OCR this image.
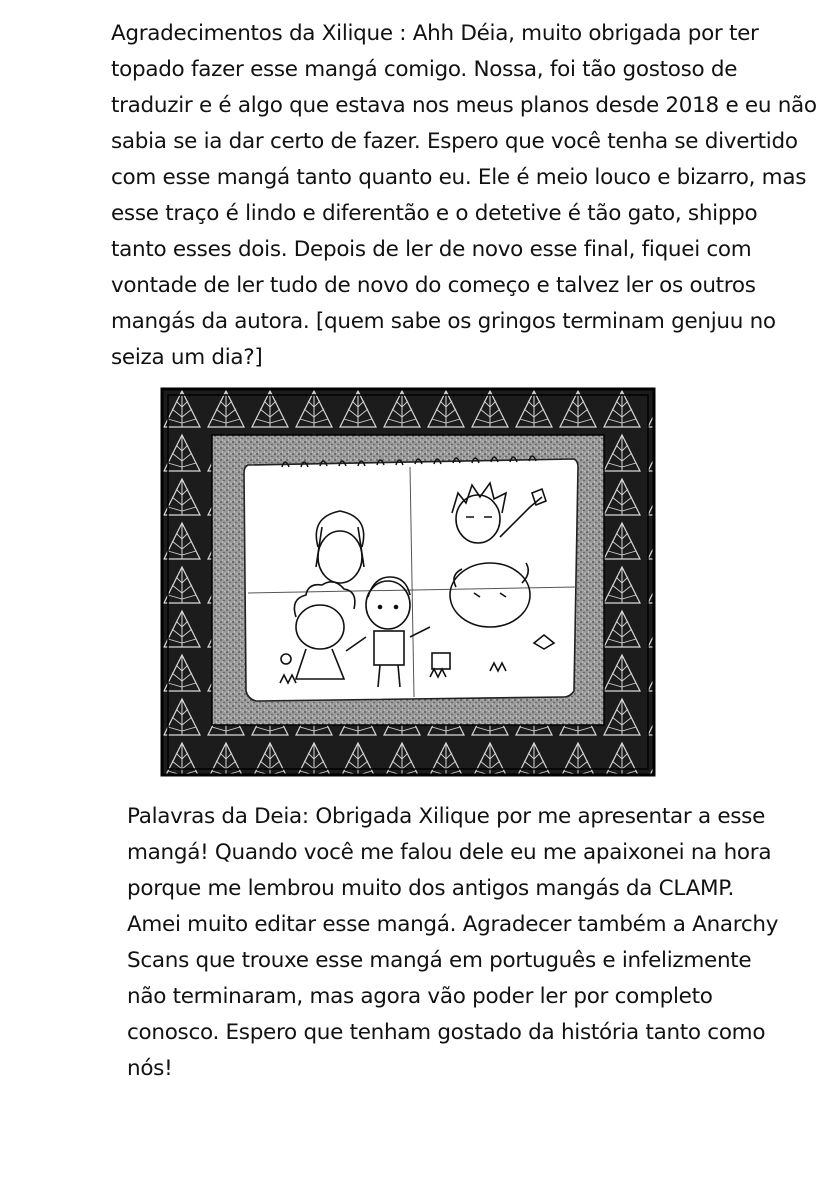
Agradecimentos da Xilique : Ahh Déia, muito obrigada por ter
topado fazer esse mangá comigo. Nossa, foi tão gostoso de
traduzir e é algo que estava nos meus planos desde 2018 e eu não
sabia se ia dar certo de fazer. Espero que você tenha se divertido
com esse mangá tanto quanto eu. Ele é meio louco e bizarro, mas
esse traço é lindo e diferentão e o detetive é tão gato, shippo
tanto esses dois. Depois de ler de novo esse final, fiquei com
vontade de ler tudo de novo do começo e talvez ler os outros
mangás da autora. [quem sabe os gringos terminam genjuu no
seiza um dia?]
Palavras da Deia: Obrigada Xilique por me apresentar a esse
mangá! Quando você me falou dele eu me apaixonei na hora
porque me lembrou muito dos antigos mangás da CLAMP.
Amei muito editar esse mangá. Agradecer também a Anarchy
Scans que trouxe esse mangá em português e infelizmente
não terminaram, mas agora vão poder ler por completo
conosco. Espero que tenham gostado da história tanto como
nós!
